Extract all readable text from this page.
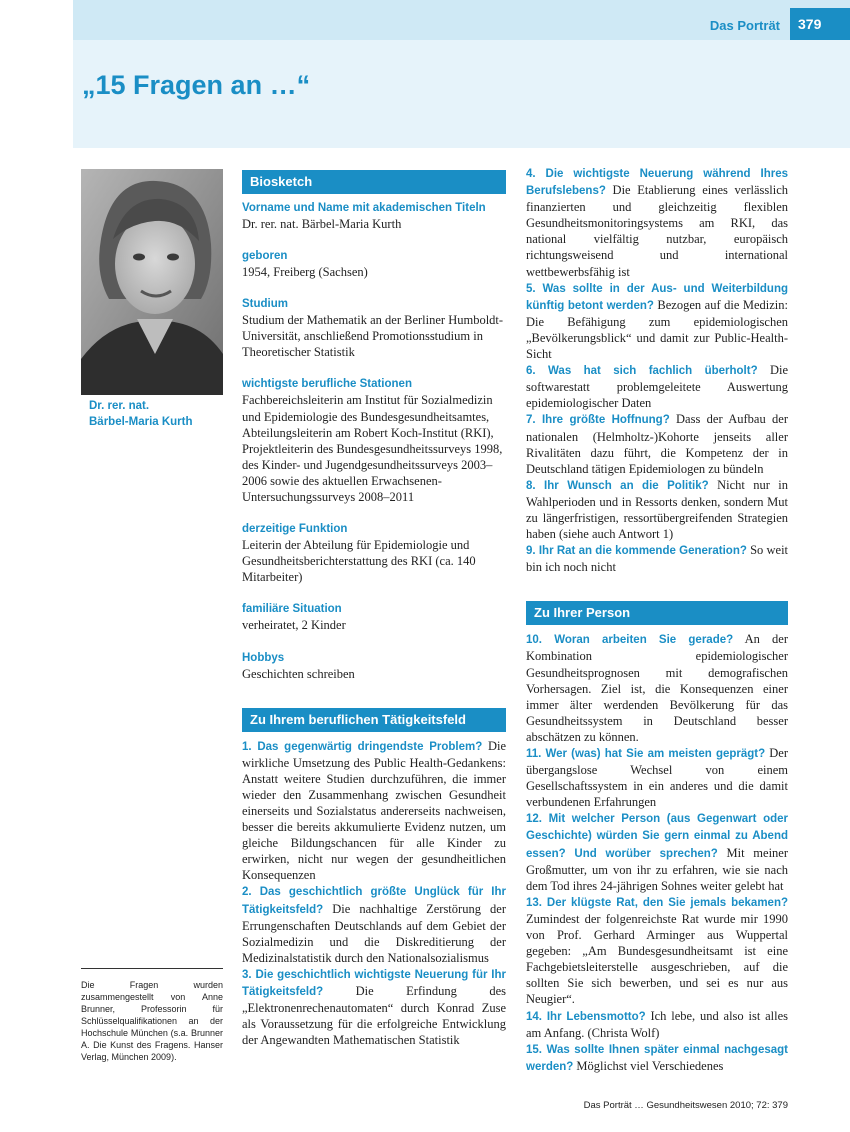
Das Porträt	379
„15 Fragen an …“
Dr. rer. nat.
Bärbel-Maria Kurth

Die Fragen wurden zusammengestellt von Anne Brunner, Professorin für Schlüsselqualifikationen an der Hochschule München (s.a. Brunner A. Die Kunst des Fragens. Hanser Verlag, München 2009).

Biosketch
Vorname und Name mit akademischen Titeln
Dr. rer. nat. Bärbel-Maria Kurth
geboren
1954, Freiberg (Sachsen)
Studium
Studium der Mathematik an der Berliner Humboldt-Universität, anschließend Promotionsstudium in Theoretischer Statistik
wichtigste berufliche Stationen
Fachbereichsleiterin am Institut für Sozialmedizin und Epidemiologie des Bundesgesundheitsamtes, Abteilungsleiterin am Robert Koch-Institut (RKI), Projektleiterin des Bundesgesundheitssurveys 1998, des Kinder- und Jugendgesundheitssurveys 2003–2006 sowie des aktuellen Erwachsenen-Untersuchungssurveys 2008–2011
derzeitige Funktion
Leiterin der Abteilung für Epidemiologie und Gesundheitsberichterstattung des RKI (ca. 140 Mitarbeiter)
familiäre Situation
verheiratet, 2 Kinder
Hobbys
Geschichten schreiben
Zu Ihrem beruflichen Tätigkeitsfeld

1. Das gegenwärtig dringendste Problem? Die wirkliche Umsetzung des Public Health-Gedankens: Anstatt weitere Studien durchzuführen, die immer wieder den Zusammenhang zwischen Gesundheit einerseits und Sozialstatus andererseits nachweisen, besser die bereits akkumulierte Evidenz nutzen, um gleiche Bildungschancen für alle Kinder zu erwirken, nicht nur wegen der gesundheitlichen Konsequenzen

2. Das geschichtlich größte Unglück für Ihr Tätigkeitsfeld? Die nachhaltige Zerstörung der Errungenschaften Deutschlands auf dem Gebiet der Sozialmedizin und die Diskreditierung der Medizinalstatistik durch den Nationalsozialismus

3. Die geschichtlich wichtigste Neuerung für Ihr Tätigkeitsfeld?	Die Erfindung des „Elektronenrechenautomaten“ durch Konrad Zuse als Voraussetzung für die erfolgreiche Entwicklung der Angewandten Mathematischen Statistik

4. Die wichtigste Neuerung während Ihres Berufslebens? Die Etablierung eines verlässlich finanzierten und gleichzeitig flexiblen Gesundheitsmonitoringsystems am RKI, das national vielfältig nutzbar, europäisch richtungsweisend und international wettbewerbsfähig ist

5. Was sollte in der Aus- und Weiterbildung künftig betont werden? Bezogen auf die Medizin: Die Befähigung zum epidemiologischen „Bevölkerungsblick“ und damit zur Public-Health-Sicht

6. Was hat sich fachlich überholt? Die softwarestatt problemgeleitete Auswertung epidemiologischer Daten

7. Ihre größte Hoffnung? Dass der Aufbau der nationalen (Helmholtz-)Kohorte jenseits aller Rivalitäten dazu führt, die Kompetenz der in Deutschland tätigen Epidemiologen zu bündeln

8. Ihr Wunsch an die Politik? Nicht nur in Wahlperioden und in Ressorts denken, sondern Mut zu längerfristigen, ressortübergreifenden Strategien haben (siehe auch Antwort 1)

9. Ihr Rat an die kommende Generation? So weit bin ich noch nicht

Zu Ihrer Person

10. Woran arbeiten Sie gerade? An der Kombination epidemiologischer Gesundheitsprognosen mit demografischen Vorhersagen. Ziel ist, die Konsequenzen einer immer älter werdenden Bevölkerung für das Gesundheitssystem in Deutschland besser abschätzen zu können.

11. Wer (was) hat Sie am meisten geprägt? Der übergangslose Wechsel von einem Gesellschaftssystem in ein anderes und die damit verbundenen Erfahrungen

12. Mit welcher Person (aus Gegenwart oder Geschichte) würden Sie gern einmal zu Abend essen? Und worüber sprechen? Mit meiner Großmutter, um von ihr zu erfahren, wie sie nach dem Tod ihres 24-jährigen Sohnes weiter gelebt hat

13. Der klügste Rat, den Sie jemals bekamen? Zumindest der folgenreichste Rat wurde mir 1990 von Prof. Gerhard Arminger aus Wuppertal gegeben: „Am Bundesgesundheitsamt ist eine Fachgebietsleiterstelle ausgeschrieben, auf die sollten Sie sich bewerben, und sei es nur aus Neugier“.

14. Ihr Lebensmotto? Ich lebe, und also ist alles am Anfang. (Christa Wolf)

15. Was sollte Ihnen später einmal nachgesagt werden? Möglichst viel Verschiedenes

Das Porträt … Gesundheitswesen 2010; 72: 379
